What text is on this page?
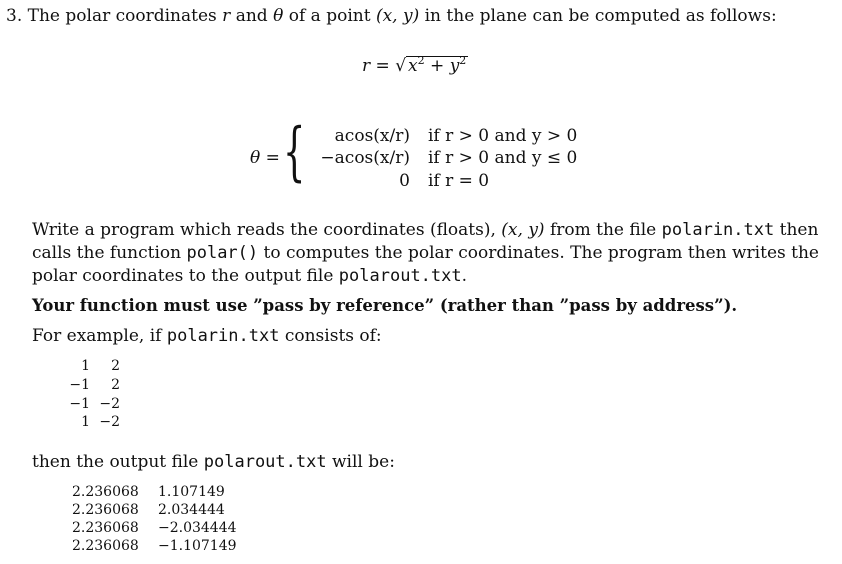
3. The polar coordinates r and θ of a point (x, y) in the plane can be computed as follows:
r = √ $x^2 + y^2$
θ = { acos(x/r) if r > 0 and y > 0
−acos(x/r) if r > 0 and y ≤ 0
0 if r = 0
Write a program which reads the coordinates (floats), (x, y) from the file polarin.txt then
calls the function polar() to computes the polar coordinates. The program then writes the
polar coordinates to the output file polarout.txt.
Your function must use ”pass by reference” (rather than ”pass by address”).
For example, if polarin.txt consists of:
1	2
−1	2
−1 −2
1 −2
then the output file polarout.txt will be:
2.236068 1.107149
2.236068 2.034444
2.236068 −2.034444
2.236068 −1.107149
